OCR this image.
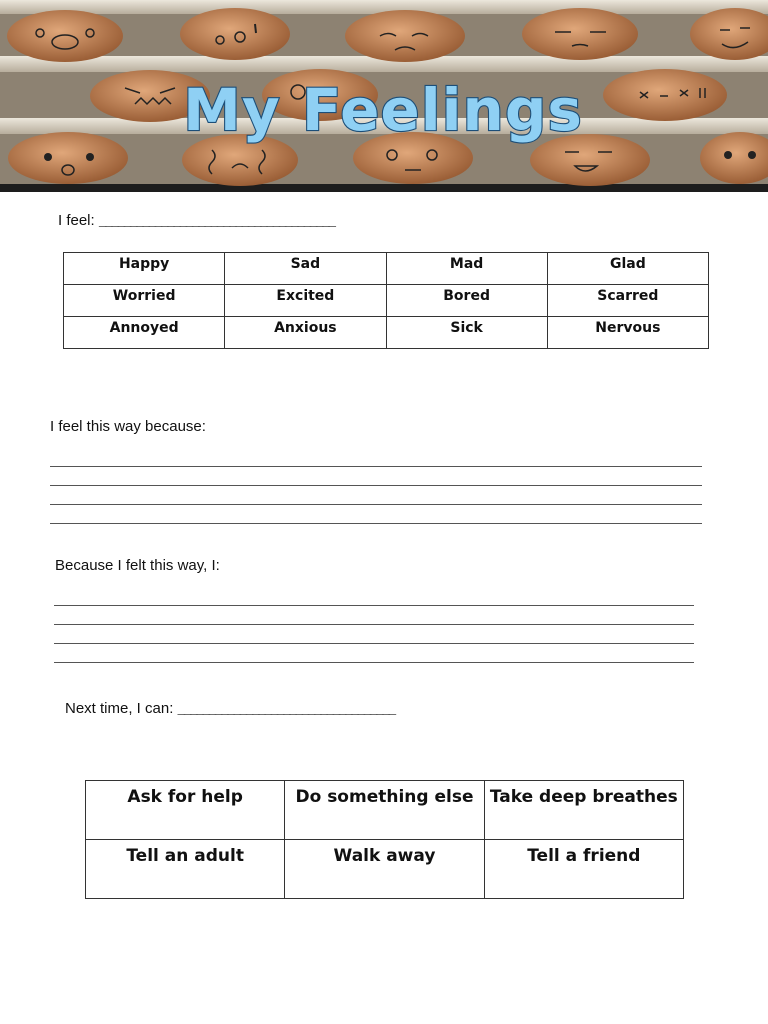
My Feelings
I feel: ______________________________________
Happy	Sad	Mad	Glad
Worried	Excited	Bored	Scarred
Annoyed	Anxious	Sick	Nervous
I feel this way because:
Because I felt this way, I:
Next time, I can: ___________________________________
Ask for help	Do something else	Take deep breathes
Tell an adult	Walk away	Tell a friend
